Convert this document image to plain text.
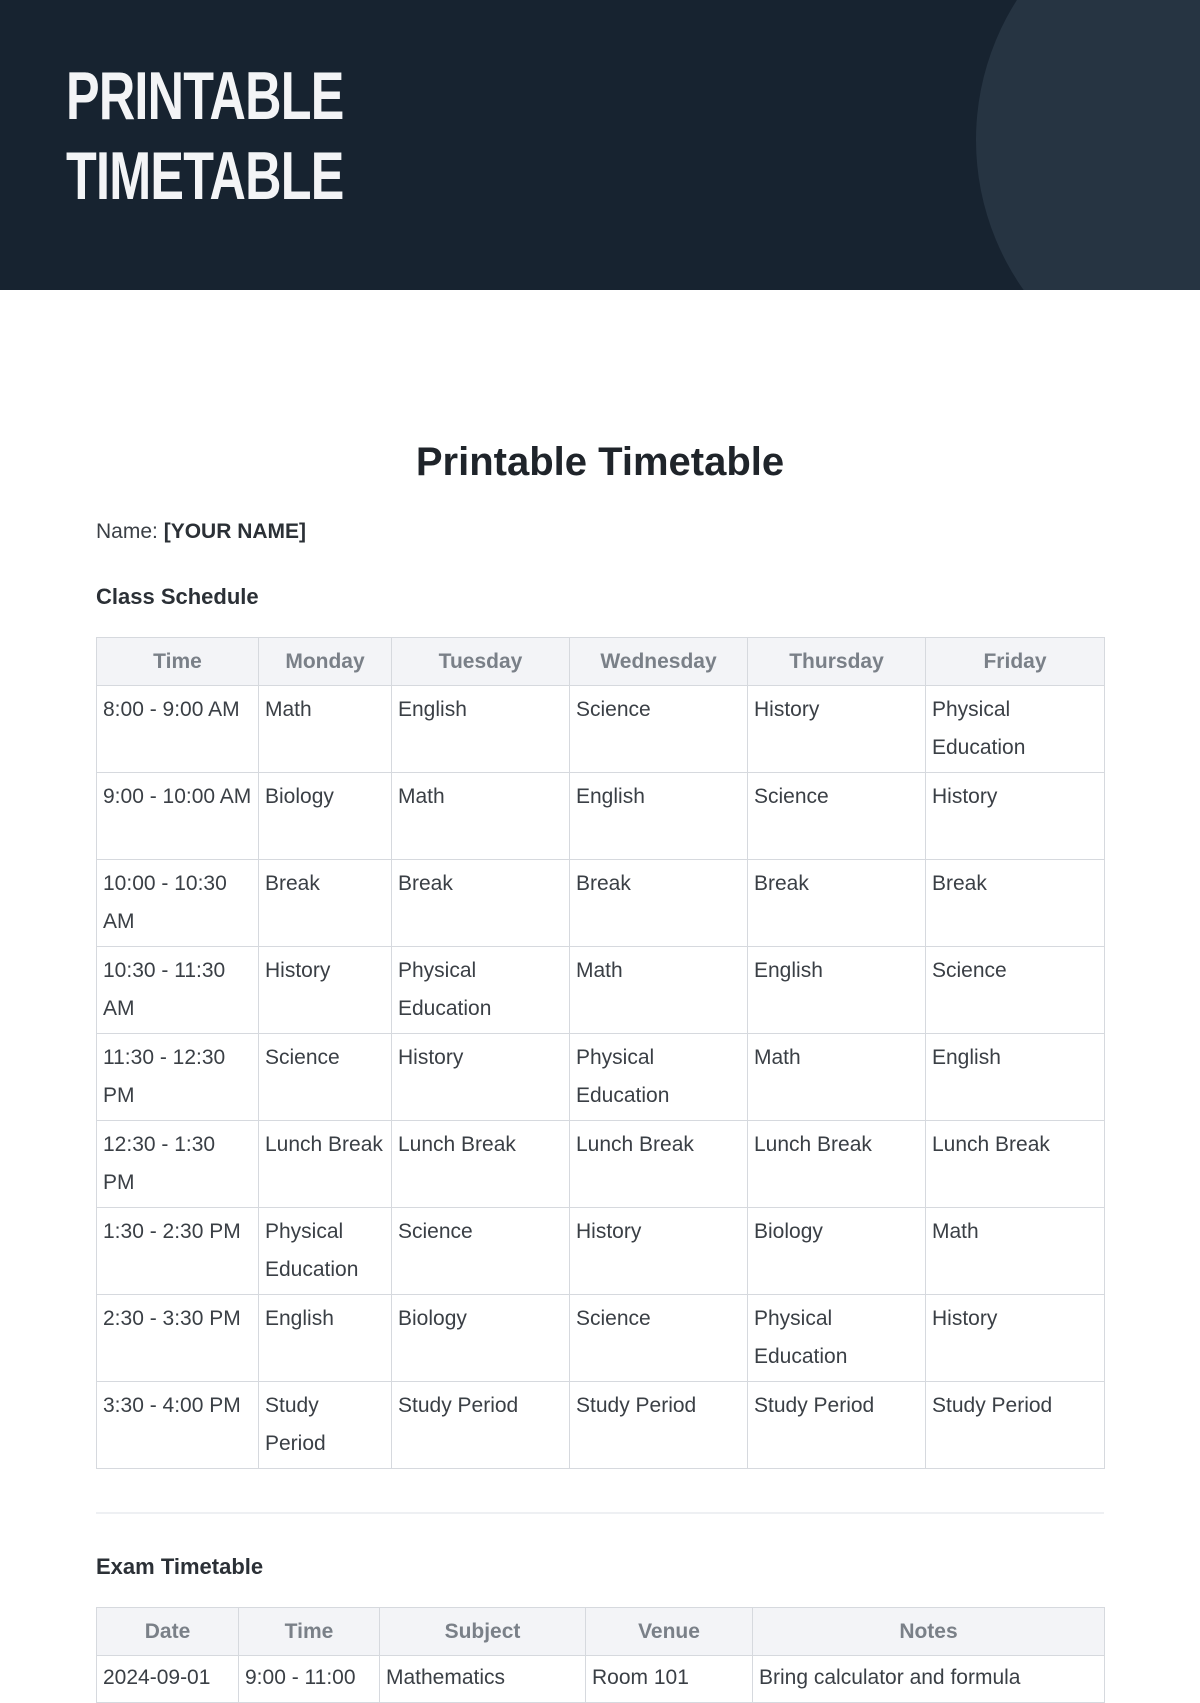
PRINTABLE
TIMETABLE
Printable Timetable
Name: [YOUR NAME]
Class Schedule
Time	Monday	Tuesday	Wednesday	Thursday	Friday
8:00 - 9:00 AM	Math	English	Science	History	Physical Education
9:00 - 10:00 AM	Biology	Math	English	Science	History
10:00 - 10:30 AM	Break	Break	Break	Break	Break
10:30 - 11:30 AM	History	Physical Education	Math	English	Science
11:30 - 12:30 PM	Science	History	Physical Education	Math	English
12:30 - 1:30 PM	Lunch Break	Lunch Break	Lunch Break	Lunch Break	Lunch Break
1:30 - 2:30 PM	Physical Education	Science	History	Biology	Math
2:30 - 3:30 PM	English	Biology	Science	Physical Education	History
3:30 - 4:00 PM	Study Period	Study Period	Study Period	Study Period	Study Period
Exam Timetable
Date	Time	Subject	Venue	Notes
2024-09-01	9:00 - 11:00	Mathematics	Room 101	Bring calculator and formula
